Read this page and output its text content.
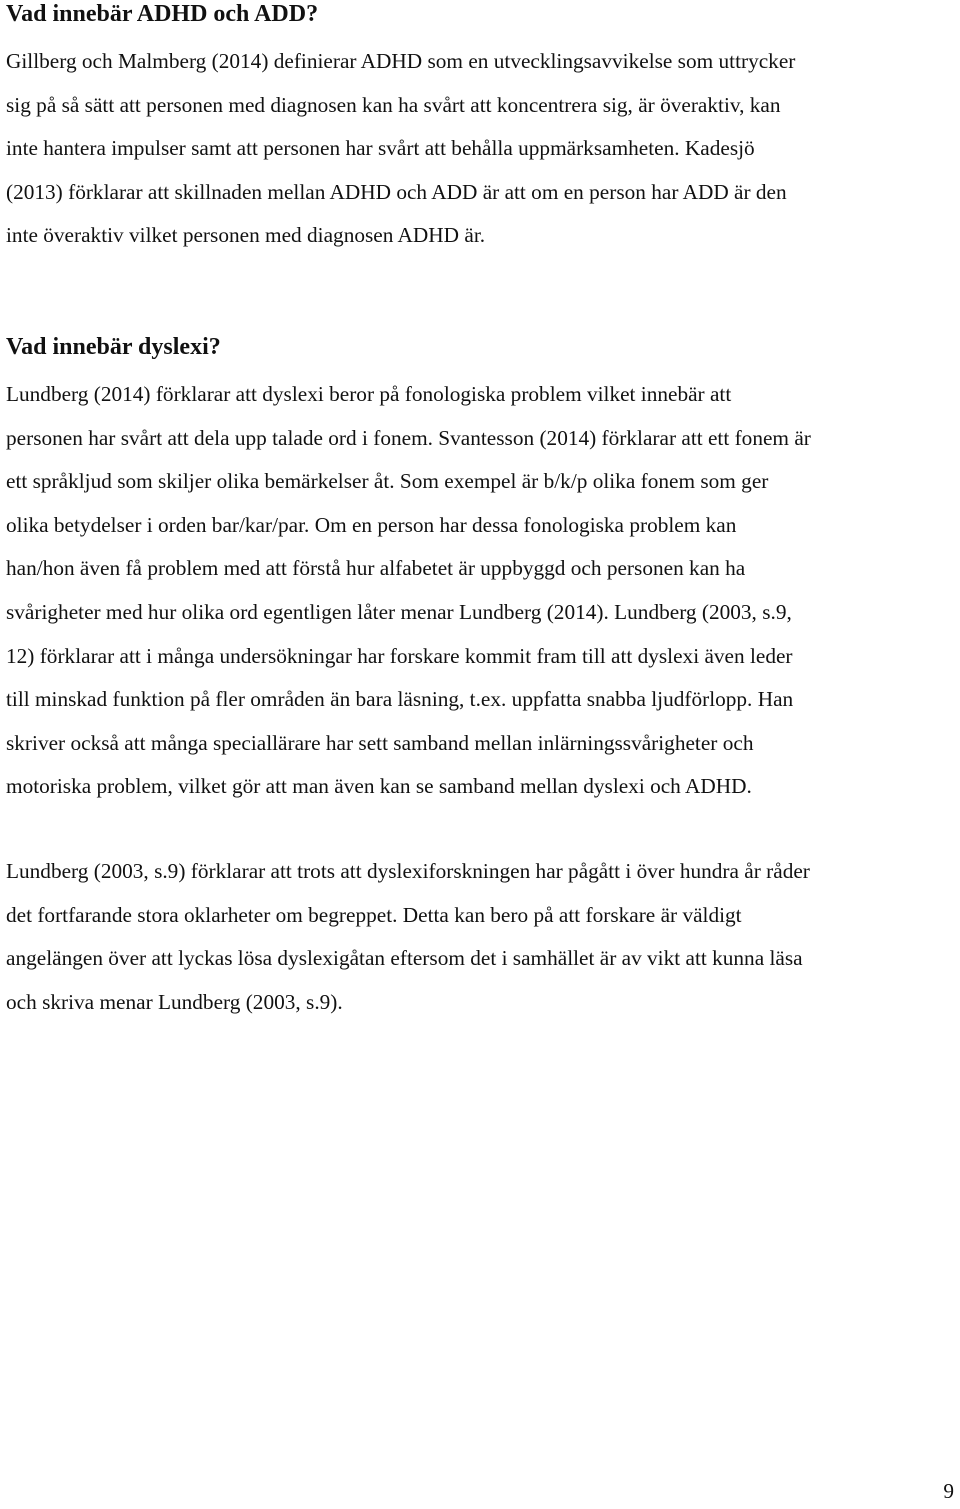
Vad innebär ADHD och ADD?

Gillberg och Malmberg (2014) definierar ADHD som en utvecklingsavvikelse som uttrycker
sig på så sätt att personen med diagnosen kan ha svårt att koncentrera sig, är överaktiv, kan
inte hantera impulser samt att personen har svårt att behålla uppmärksamheten. Kadesjö
(2013) förklarar att skillnaden mellan ADHD och ADD är att om en person har ADD är den
inte överaktiv vilket personen med diagnosen ADHD är.

Vad innebär dyslexi?

Lundberg (2014) förklarar att dyslexi beror på fonologiska problem vilket innebär att
personen har svårt att dela upp talade ord i fonem. Svantesson (2014) förklarar att ett fonem är
ett språkljud som skiljer olika bemärkelser åt. Som exempel är b/k/p olika fonem som ger
olika betydelser i orden bar/kar/par. Om en person har dessa fonologiska problem kan
han/hon även få problem med att förstå hur alfabetet är uppbyggd och personen kan ha
svårigheter med hur olika ord egentligen låter menar Lundberg (2014). Lundberg (2003, s.9,
12) förklarar att i många undersökningar har forskare kommit fram till att dyslexi även leder
till minskad funktion på fler områden än bara läsning, t.ex. uppfatta snabba ljudförlopp. Han
skriver också att många speciallärare har sett samband mellan inlärningssvårigheter och
motoriska problem, vilket gör att man även kan se samband mellan dyslexi och ADHD.

Lundberg (2003, s.9) förklarar att trots att dyslexiforskningen har pågått i över hundra år råder
det fortfarande stora oklarheter om begreppet. Detta kan bero på att forskare är väldigt
angelängen över att lyckas lösa dyslexigåtan eftersom det i samhället är av vikt att kunna läsa
och skriva menar Lundberg (2003, s.9).

9
